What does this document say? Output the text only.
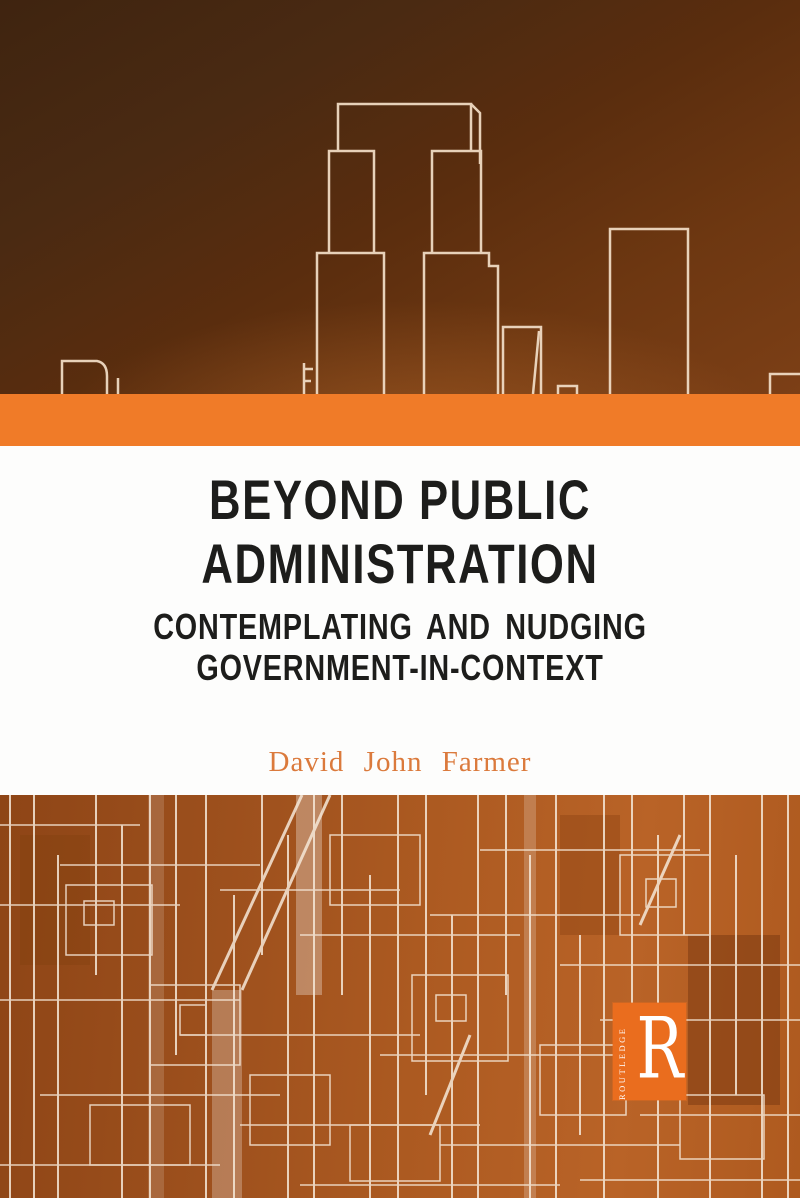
BEYOND PUBLIC
ADMINISTRATION
CONTEMPLATING AND NUDGING
GOVERNMENT-IN-CONTEXT
David John Farmer
ROUTLEDGE R
